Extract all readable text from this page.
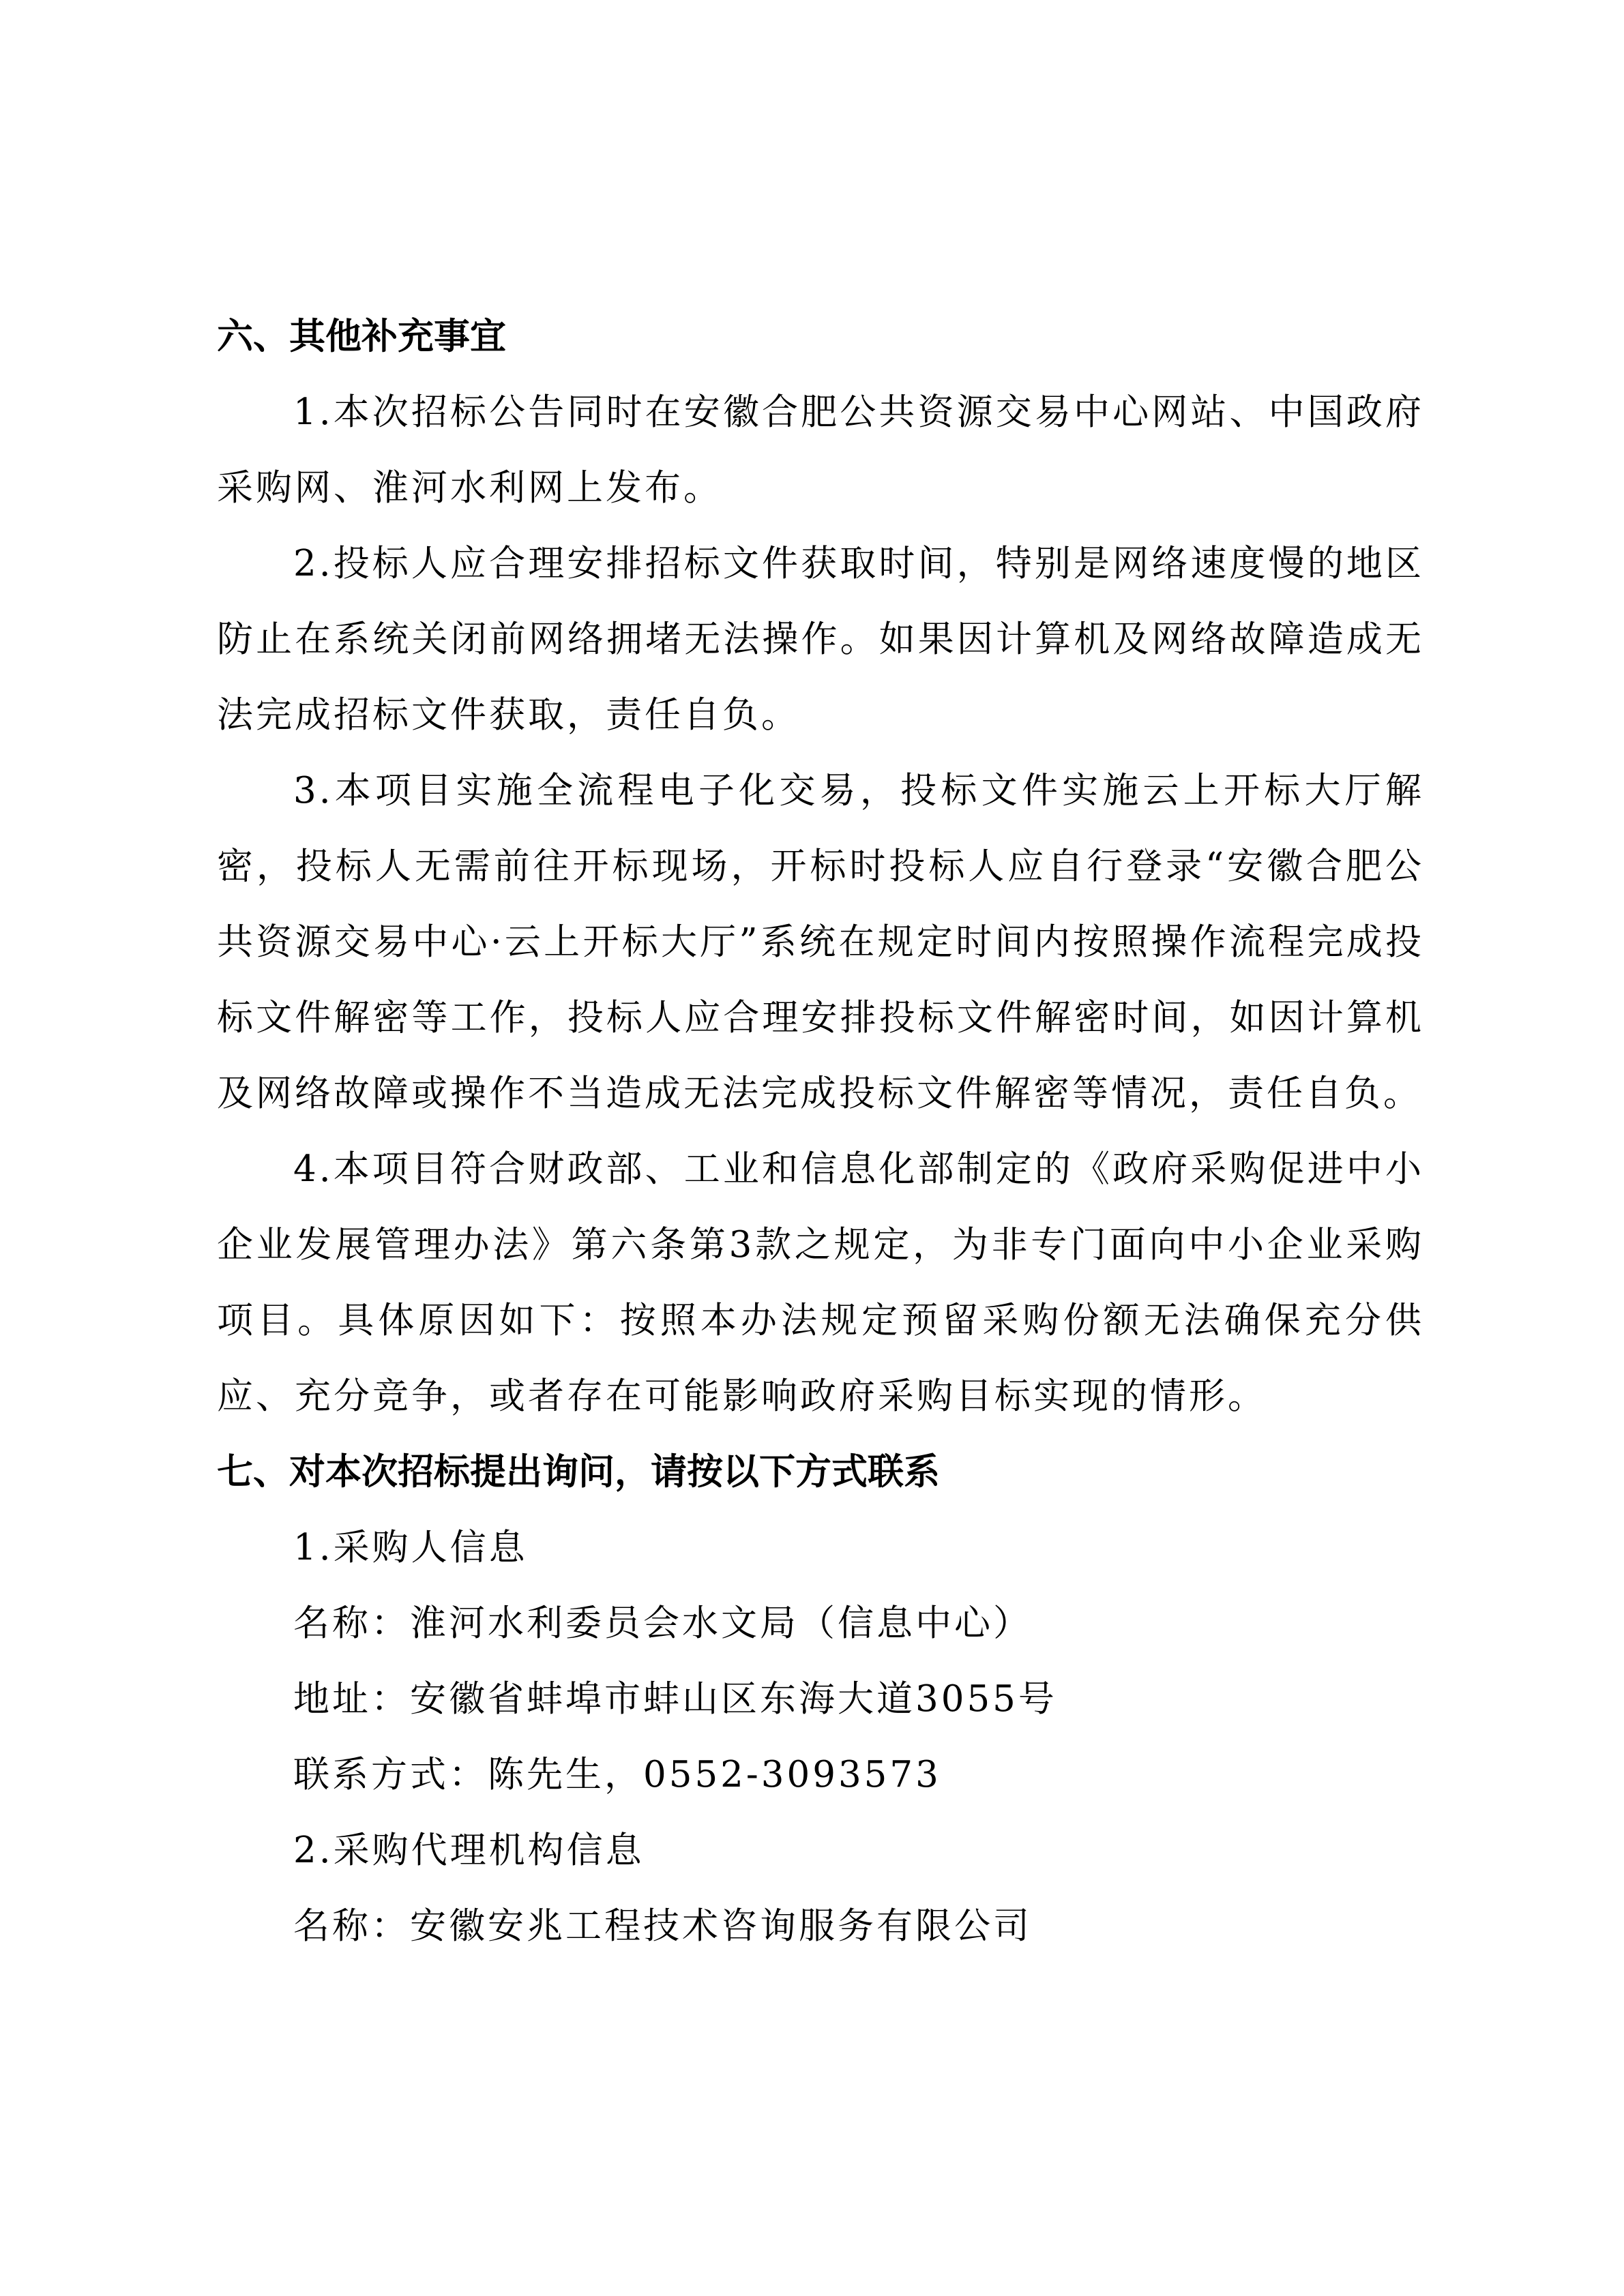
六、其他补充事宜

1.本次招标公告同时在安徽合肥公共资源交易中心网站、中国政府采购网、淮河水利网上发布。

2.投标人应合理安排招标文件获取时间，特别是网络速度慢的地区防止在系统关闭前网络拥堵无法操作。如果因计算机及网络故障造成无法完成招标文件获取，责任自负。

3.本项目实施全流程电子化交易，投标文件实施云上开标大厅解密，投标人无需前往开标现场，开标时投标人应自行登录“安徽合肥公共资源交易中心·云上开标大厅”系统在规定时间内按照操作流程完成投标文件解密等工作，投标人应合理安排投标文件解密时间，如因计算机及网络故障或操作不当造成无法完成投标文件解密等情况，责任自负。

4.本项目符合财政部、工业和信息化部制定的《政府采购促进中小企业发展管理办法》第六条第3款之规定，为非专门面向中小企业采购项目。具体原因如下：按照本办法规定预留采购份额无法确保充分供应、充分竞争，或者存在可能影响政府采购目标实现的情形。

七、对本次招标提出询问，请按以下方式联系
1.采购人信息
名称：淮河水利委员会水文局（信息中心）
地址：安徽省蚌埠市蚌山区东海大道3055号
联系方式：陈先生，0552-3093573
2.采购代理机构信息
名称：安徽安兆工程技术咨询服务有限公司
